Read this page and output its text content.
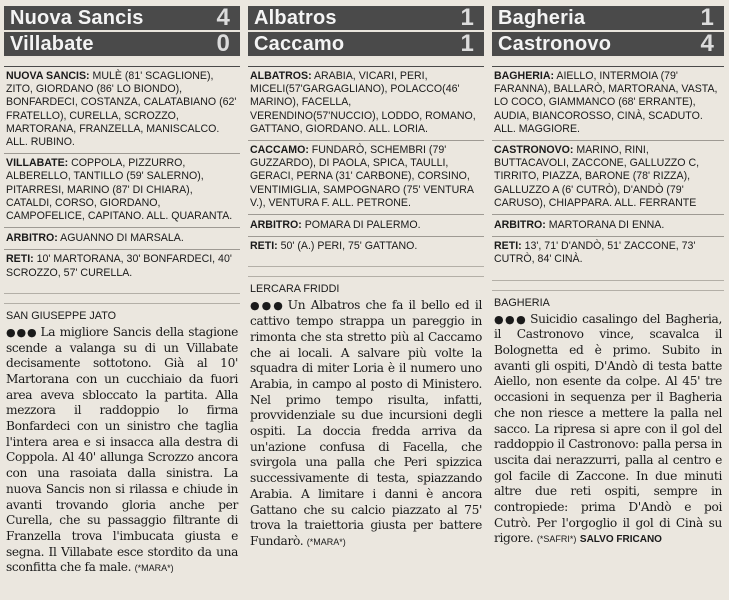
Nuova Sancis	4
Villabate	0
NUOVA SANCIS: MULÈ (81' SCAGLIONE), ZITO, GIORDANO (86' LO BIONDO), BONFARDECI, COSTANZA, CALATABIANO (62' FRATELLO), CURELLA, SCROZZO, MARTORANA, FRANZELLA, MANISCALCO. ALL. RUBINO.
VILLABATE: COPPOLA, PIZZURRO, ALBERELLO, TANTILLO (59' SALERNO), PITARRESI, MARINO (87' DI CHIARA), CATALDI, CORSO, GIORDANO, CAMPOFELICE, CAPITANO. ALL. QUARANTA.
ARBITRO: AGUANNO DI MARSALA.
RETI: 10' MARTORANA, 30' BONFARDECI, 40' SCROZZO, 57' CURELLA.
SAN GIUSEPPE JATO
●●● La migliore Sancis della stagione scende a valanga su di un Villabate decisamente sottotono. Già al 10' Martorana con un cucchiaio da fuori area aveva sbloccato la partita. Alla mezzora il raddoppio lo firma Bonfardeci con un sinistro che taglia l'intera area e si insacca alla destra di Coppola. Al 40' allunga Scrozzo ancora con una rasoiata dalla sinistra. La nuova Sancis non si rilassa e chiude in avanti trovando gloria anche per Curella, che su passaggio filtrante di Franzella trova l'imbucata giusta e segna. Il Villabate esce stordito da una sconfitta che fa male. (*MARA*)
Albatros	1
Caccamo	1
ALBATROS: ARABIA, VICARI, PERI, MICELI(57'GARGAGLIANO), POLACCO(46' MARINO), FACELLA, VERENDINO(57'NUCCIO), LODDO, ROMANO, GATTANO, GIORDANO. ALL. LORIA.
CACCAMO: FUNDARÒ, SCHEMBRI (79' GUZZARDO), DI PAOLA, SPICA, TAULLI, GERACI, PERNA (31' CARBONE), CORSINO, VENTIMIGLIA, SAMPOGNARO (75' VENTURA V.), VENTURA F. ALL. PETRONE.
ARBITRO: POMARA DI PALERMO.
RETI: 50' (A.) PERI, 75' GATTANO.
LERCARA FRIDDI
●●● Un Albatros che fa il bello ed il cattivo tempo strappa un pareggio in rimonta che sta stretto più al Caccamo che ai locali. A salvare più volte la squadra di miter Loria è il numero uno Arabia, in campo al posto di Ministero. Nel primo tempo risulta, infatti, provvidenziale su due incursioni degli ospiti. La doccia fredda arriva da un'azione confusa di Facella, che svirgola una palla che Peri spizzica successivamente di testa, spiazzando Arabia. A limitare i danni è ancora Gattano che su calcio piazzato al 75' trova la traiettoria giusta per battere Fundarò. (*MARA*)
Bagheria	1
Castronovo	4
BAGHERIA: AIELLO, INTERMOIA (79' FARANNA), BALLARÒ, MARTORANA, VASTA, LO COCO, GIAMMANCO (68' ERRANTE), AUDIA, BIANCOROSSO, CINÀ, SCADUTO. ALL. MAGGIORE.
CASTRONOVO: MARINO, RINI, BUTTACAVOLI, ZACCONE, GALLUZZO C, TIRRITO, PIAZZA, BARONE (78' RIZZA), GALLUZZO A (6' CUTRÒ), D'ANDÒ (79' CARUSO), CHIAPPARA. ALL. FERRANTE
ARBITRO: MARTORANA DI ENNA.
RETI: 13', 71' D'ANDÒ, 51' ZACCONE, 73' CUTRÒ, 84' CINÀ.
BAGHERIA
●●● Suicidio casalingo del Bagheria, il Castronovo vince, scavalca il Bolognetta ed è primo. Subito in avanti gli ospiti, D'Andò di testa batte Aiello, non esente da colpe. Al 45' tre occasioni in sequenza per il Bagheria che non riesce a mettere la palla nel sacco. La ripresa si apre con il gol del raddoppio il Castronovo: palla persa in uscita dai nerazzurri, palla al centro e gol facile di Zaccone. In due minuti altre due reti ospiti, sempre in contropiede: prima D'Andò e poi Cutrò. Per l'orgoglio il gol di Cinà su rigore. (*SAFRI*) SALVO FRICANO
